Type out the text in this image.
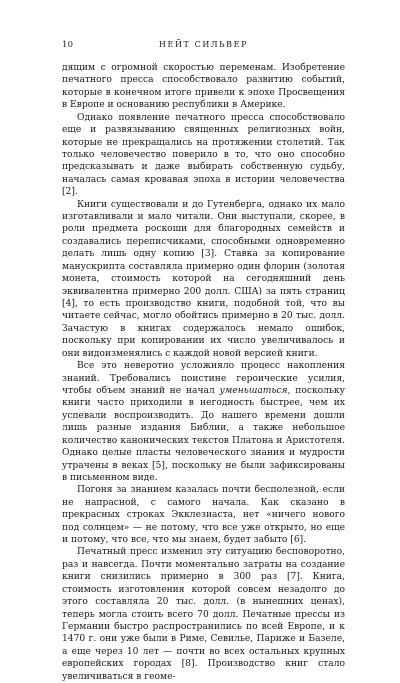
10	НЕЙТ СИЛЬВЕР

дящим с огромной скоростью переменам. Изобретение печатного пресса способствовало развитию событий, которые в конечном итоге привели к эпохе Просвещения в Европе и основанию республики в Америке.

Однако появление печатного пресса способствовало еще и развязыванию священных религиозных войн, которые не прекращались на протяжении столетий. Так только человечество поверило в то, что оно способно предсказывать и даже выбирать собственную судьбу, началась самая кровавая эпоха в истории человечества [2].

Книги существовали и до Гутенберга, однако их мало изготавливали и мало читали. Они выступали, скорее, в роли предмета роскоши для благородных семейств и создавались переписчиками, способными одновременно делать лишь одну копию [3]. Ставка за копирование манускрипта составляла примерно один флорин (золотая монета, стоимость которой на сегодняшний день эквивалентна примерно 200 долл. США) за пять страниц [4], то есть производство книги, подобной той, что вы читаете сейчас, могло обойтись примерно в 20 тыс. долл. Зачастую в книгах содержалось немало ошибок, поскольку при копировании их число увеличивалось и они видоизменялись с каждой новой версией книги.

Все это неверотно усложняло процесс накопления знаний. Требовались поистине героические усилия, чтобы объем знаний не начал уменьшаться, поскольку книги часто приходили в негодность быстрее, чем их успевали воспроизводить. До нашего времени дошли лишь разные издания Библии, а также небольшое количество канонических текстов Платона и Аристотеля. Однако целые пласты человеческого знания и мудрости утрачены в веках [5], поскольку не были зафиксированы в письменном виде.

Погоня за знанием казалась почти бесполезной, если не напрасной, с самого начала. Как сказано в прекрасных строках Экклезиаста, нет «ничего нового под солнцем» — не потому, что все уже открыто, но еще и потому, что все, что мы знаем, будет забыто [6].

Печатный пресс изменил эту ситуацию бесповоротно, раз и навсегда. Почти моментально затраты на создание книги снизились примерно в 300 раз [7]. Книга, стоимость изготовления которой совсем незадолго до этого составляла 20 тыс. долл. (в нынешних ценах), теперь могла стоить всего 70 долл. Печатные прессы из Германии быстро распространились по всей Европе, и к 1470 г. они уже были в Риме, Севилье, Париже и Базеле, а еще через 10 лет — почти во всех остальных крупных европейских городах [8]. Производство книг стало увеличиваться в геоме-
